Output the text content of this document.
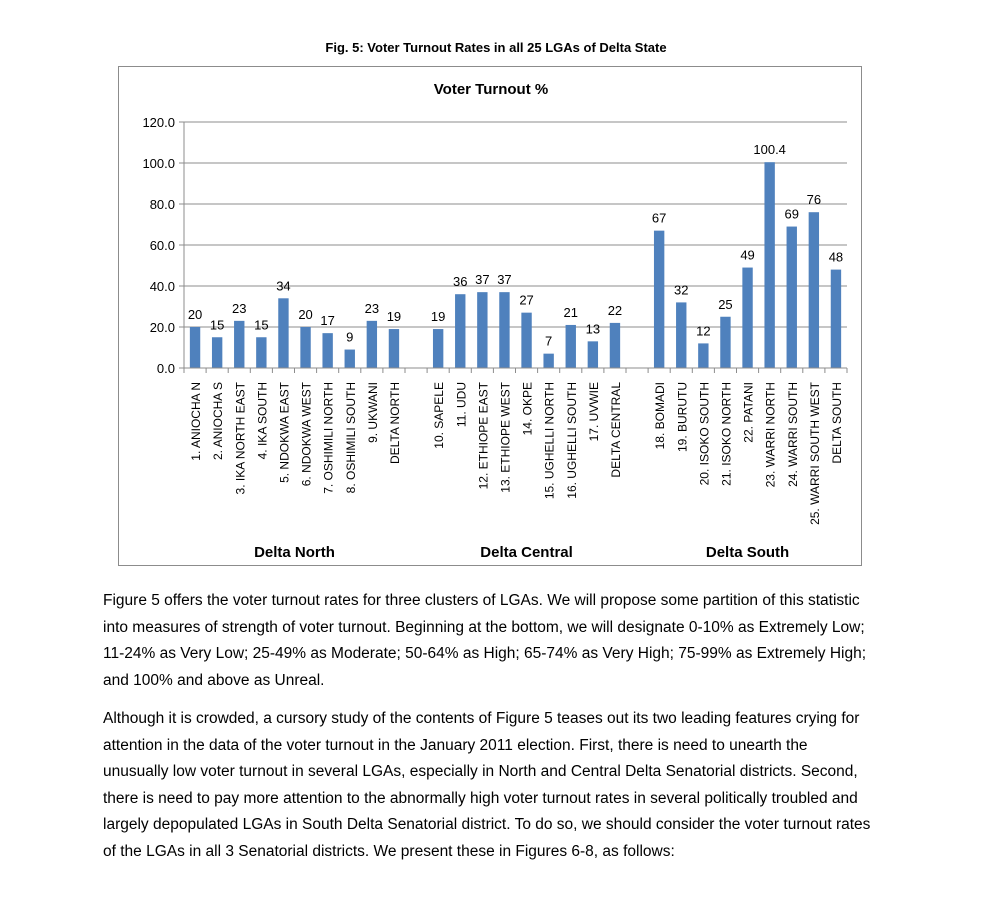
Fig. 5: Voter Turnout Rates in all 25 LGAs of Delta State
Voter Turnout %
20
1. ANIOCHA N
15
2. ANIOCHA S
23
3. IKA NORTH EAST
15
4. IKA SOUTH
34
5. NDOKWA EAST
20
6. NDOKWA WEST
17
7. OSHIMILI NORTH
9
8. OSHIMILI SOUTH
23
9. UKWANI
19
DELTA NORTH
19
10. SAPELE
36
11. UDU
37
12. ETHIOPE EAST
37
13. ETHIOPE WEST
27
14. OKPE
7
15. UGHELLI NORTH
21
16. UGHELLI SOUTH
13
17. UVWIE
22
DELTA CENTRAL
67
18. BOMADI
32
19. BURUTU
12
20. ISOKO SOUTH
25
21. ISOKO NORTH
49
22. PATANI
100.4
23. WARRI NORTH
69
24. WARRI SOUTH
76
25. WARRI SOUTH WEST
48
DELTA SOUTH
0.0
20.0
40.0
60.0
80.0
100.0
120.0
Delta North	Delta Central	Delta South

Figure 5 offers the voter turnout rates for three clusters of LGAs. We will propose some partition of this statistic into measures of strength of voter turnout. Beginning at the bottom, we will designate 0-10% as Extremely Low; 11-24% as Very Low; 25-49% as Moderate; 50-64% as High; 65-74% as Very High; 75-99% as Extremely High; and 100% and above as Unreal.

Although it is crowded, a cursory study of the contents of Figure 5 teases out its two leading features crying for attention in the data of the voter turnout in the January 2011 election. First, there is need to unearth the unusually low voter turnout in several LGAs, especially in North and Central Delta Senatorial districts. Second, there is need to pay more attention to the abnormally high voter turnout rates in several politically troubled and largely depopulated LGAs in South Delta Senatorial district. To do so, we should consider the voter turnout rates of the LGAs in all 3 Senatorial districts. We present these in Figures 6-8, as follows:
